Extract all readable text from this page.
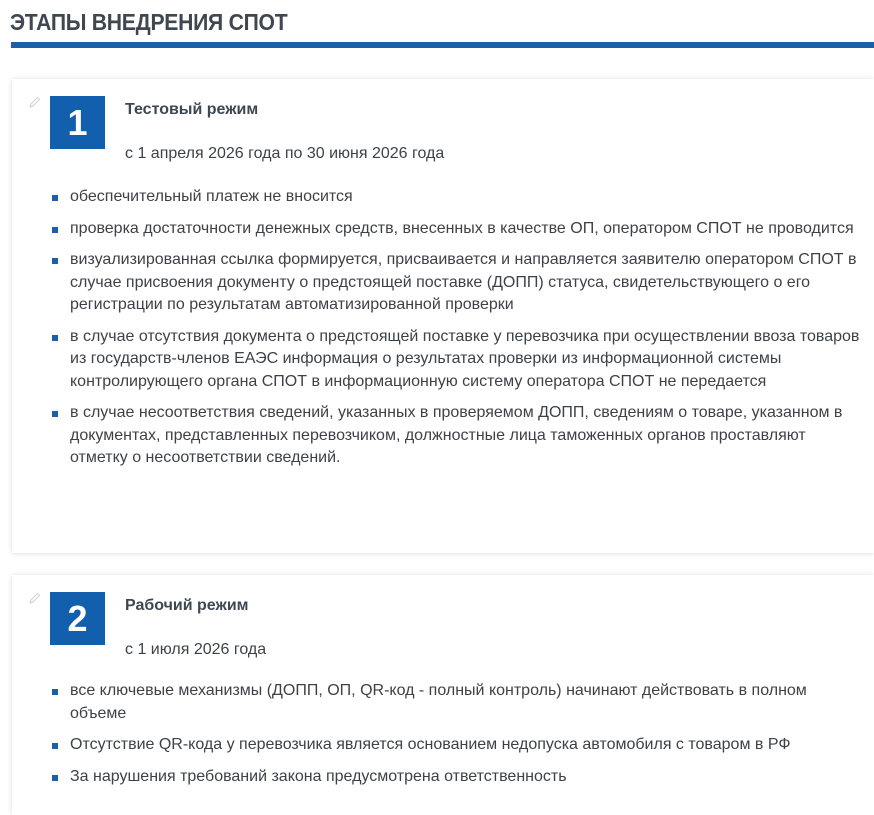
ЭТАПЫ ВНЕДРЕНИЯ СПОТ
1	Тестовый режим
с 1 апреля 2026 года по 30 июня 2026 года
обеспечительный платеж не вносится
проверка достаточности денежных средств, внесенных в качестве ОП, оператором СПОТ не проводится
визуализированная ссылка формируется, присваивается и направляется заявителю оператором СПОТ в случае присвоения документу о предстоящей поставке (ДОПП) статуса, свидетельствующего о его регистрации по результатам автоматизированной проверки
в случае отсутствия документа о предстоящей поставке у перевозчика при осуществлении ввоза товаров из государств-членов ЕАЭС информация о результатах проверки из информационной системы контролирующего органа СПОТ в информационную систему оператора СПОТ не передается
в случае несоответствия сведений, указанных в проверяемом ДОПП, сведениям о товаре, указанном в документах, представленных перевозчиком, должностные лица таможенных органов проставляют отметку о несоответствии сведений.
2	Рабочий режим
с 1 июля 2026 года
все ключевые механизмы (ДОПП, ОП, QR-код - полный контроль) начинают действовать в полном объеме
Отсутствие QR-кода у перевозчика является основанием недопуска автомобиля с товаром в РФ
За нарушения требований закона предусмотрена ответственность
